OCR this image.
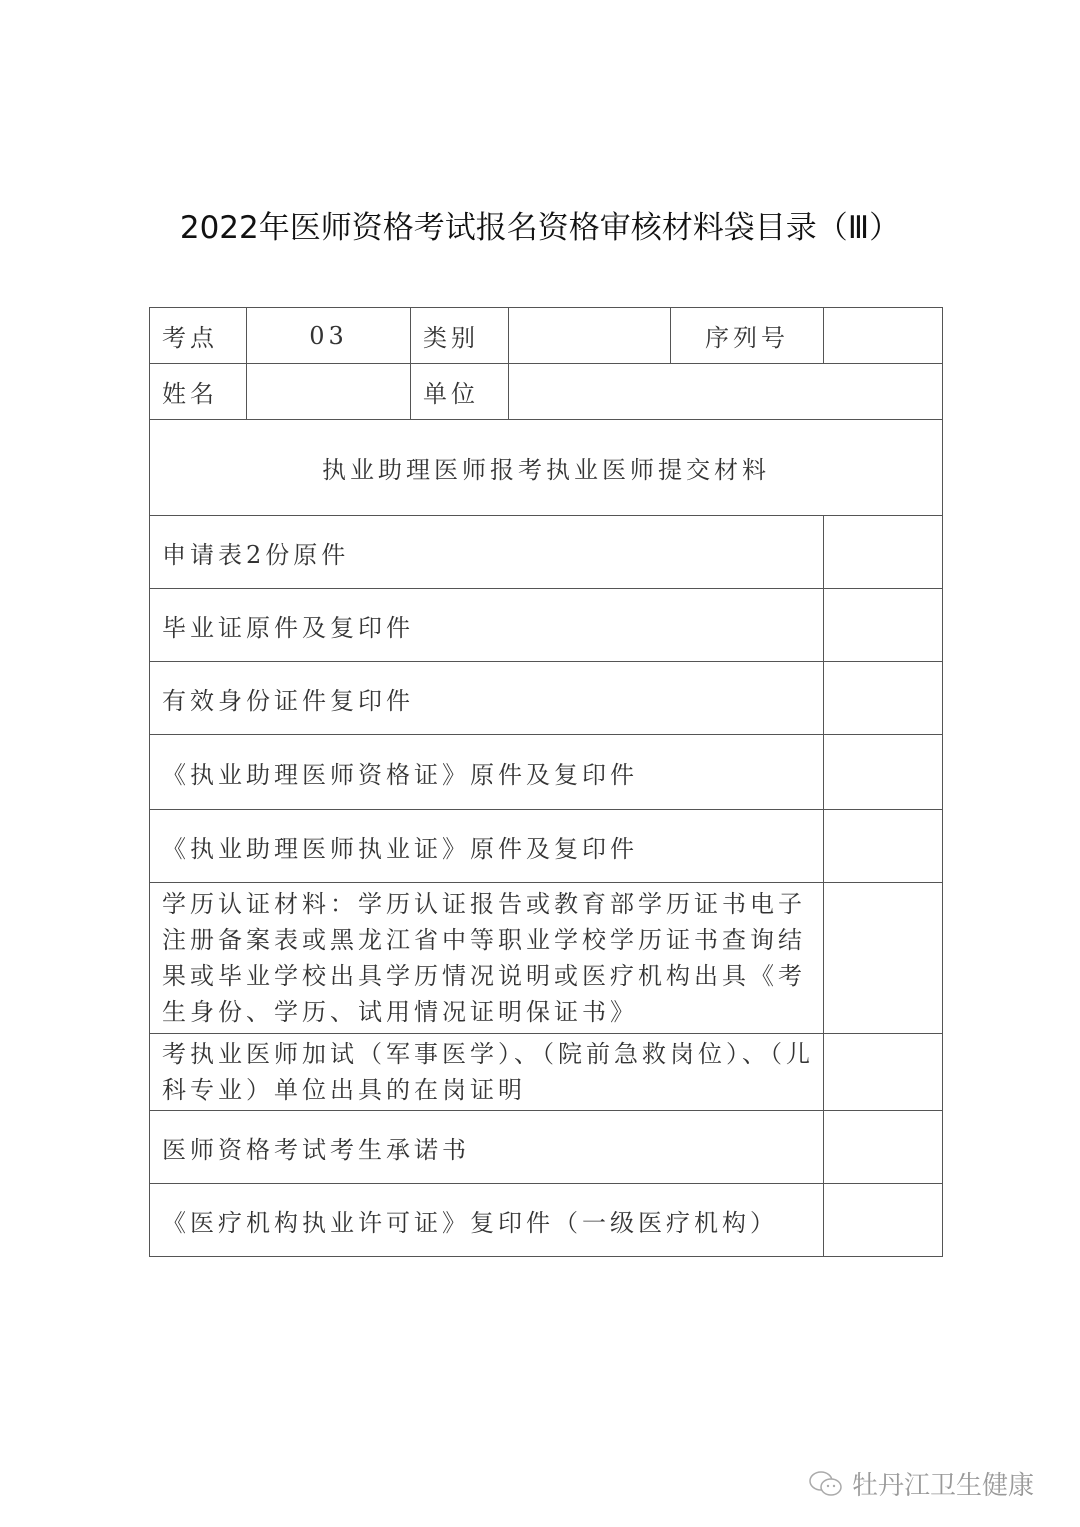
2022年医师资格考试报名资格审核材料袋目录（Ⅲ）
考点	03	类别		序列号	
姓名		单位			
执业助理医师报考执业医师提交材料					
申请表2份原件					
毕业证原件及复印件					
有效身份证件复印件					
《执业助理医师资格证》原件及复印件					
《执业助理医师执业证》原件及复印件					
学历认证材料：学历认证报告或教育部学历证书电子注册备案表或黑龙江省中等职业学校学历证书查询结果或毕业学校出具学历情况说明或医疗机构出具《考生身份、学历、试用情况证明保证书》					
考执业医师加试（军事医学）、（院前急救岗位）、（儿科专业）单位出具的在岗证明					
医师资格考试考生承诺书					
《医疗机构执业许可证》复印件（一级医疗机构）					
牡丹江卫生健康
